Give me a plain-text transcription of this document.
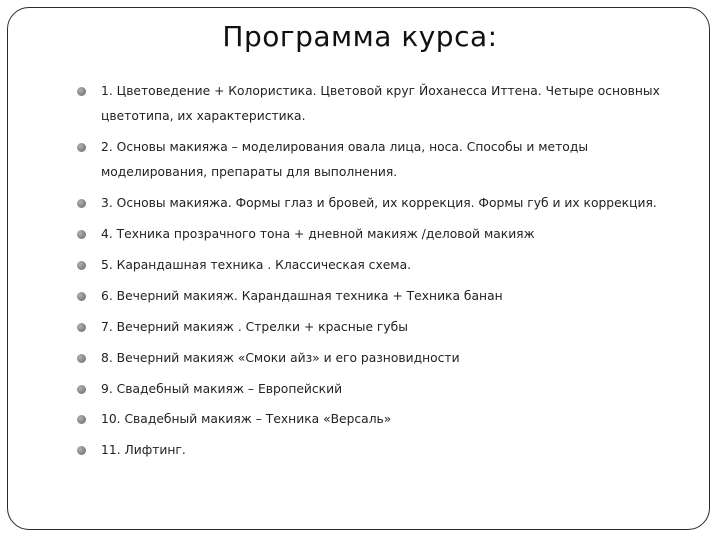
Программа курса:
1. Цветоведение + Колористика. Цветовой круг Йоханесса Иттена. Четыре основных цветотипа, их характеристика.
2. Основы макияжа – моделирования овала лица, носа. Способы и методы моделирования, препараты для выполнения.
3. Основы макияжа. Формы глаз и бровей, их коррекция. Формы губ и их коррекция.
4. Техника прозрачного тона + дневной макияж /деловой макияж
5. Карандашная техника . Классическая схема.
6. Вечерний макияж. Карандашная техника + Техника банан
7. Вечерний макияж . Стрелки + красные губы
8. Вечерний макияж «Смоки айз» и его разновидности
9. Свадебный макияж – Европейский
10. Свадебный макияж – Техника «Версаль»
11. Лифтинг.
